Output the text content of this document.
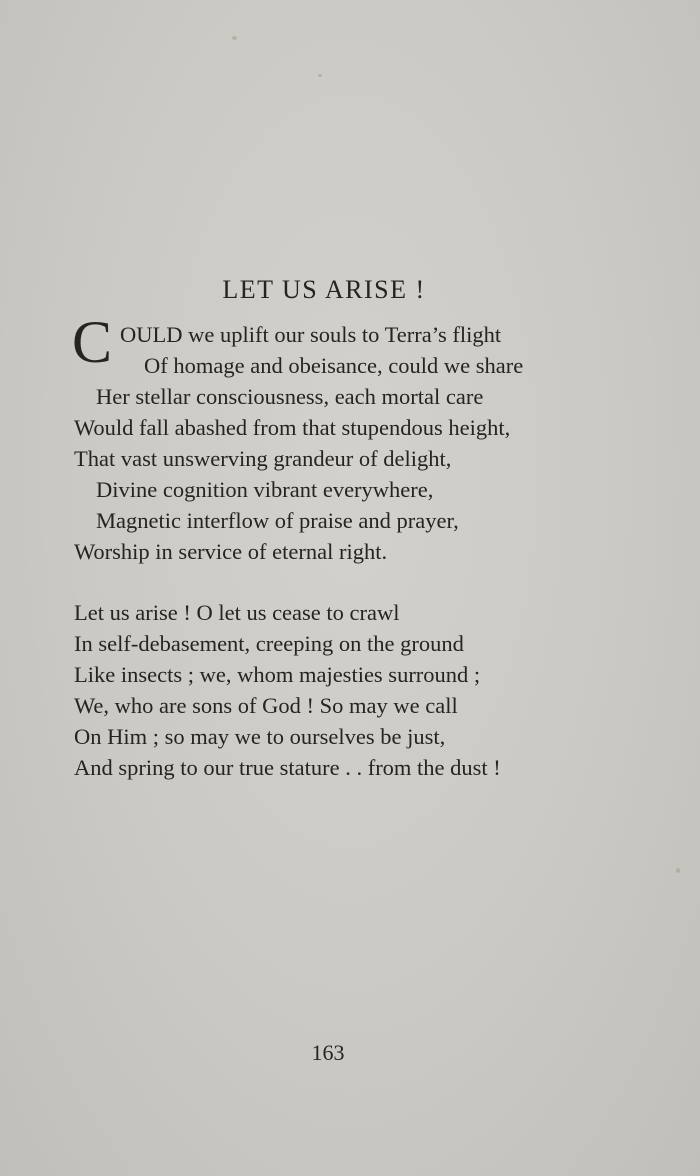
LET US ARISE !
C OULD we uplift our souls to Terra’s flight
Of homage and obeisance, could we share
Her stellar consciousness, each mortal care
Would fall abashed from that stupendous height,
That vast unswerving grandeur of delight,
Divine cognition vibrant everywhere,
Magnetic interflow of praise and prayer,
Worship in service of eternal right.
Let us arise ! O let us cease to crawl
In self-debasement, creeping on the ground
Like insects ; we, whom majesties surround ;
We, who are sons of God ! So may we call
On Him ; so may we to ourselves be just,
And spring to our true stature . . from the dust !
163
